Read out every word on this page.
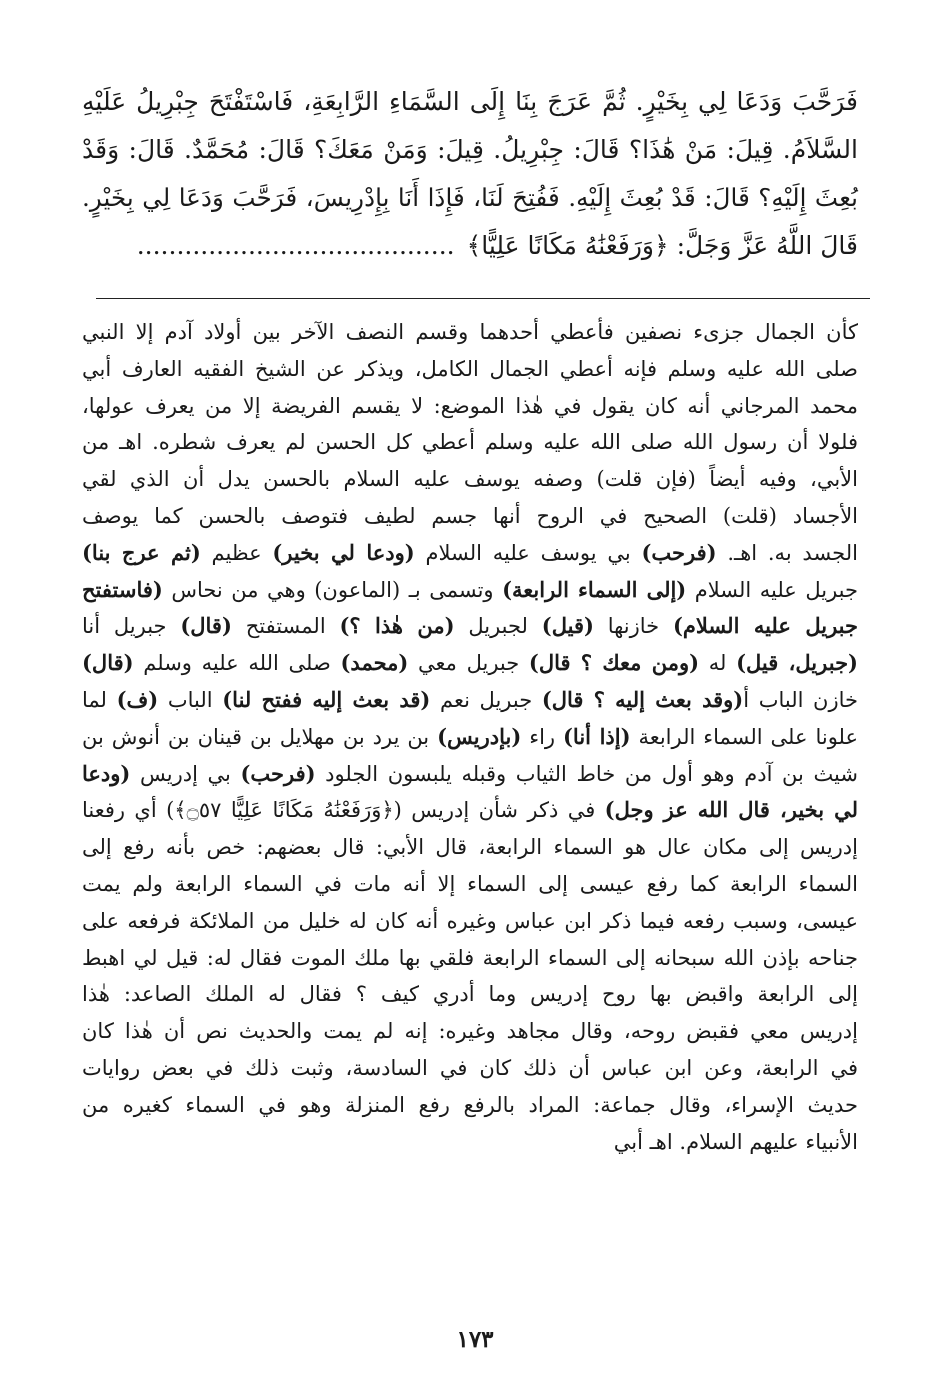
فَرَحَّبَ وَدَعَا لِي بِخَيْرٍ. ثُمَّ عَرَجَ بِنَا إِلَى السَّمَاءِ الرَّابِعَةِ، فَاسْتَفْتَحَ جِبْرِيلُ عَلَيْهِ
السَّلاَمُ. قِيلَ: مَنْ هَٰذَا؟ قَالَ: جِبْرِيلُ. قِيلَ: وَمَنْ مَعَكَ؟ قَالَ: مُحَمَّدٌ. قَالَ: وَقَدْ
بُعِثَ إِلَيْهِ؟ قَالَ: قَدْ بُعِثَ إِلَيْهِ. فَفُتِحَ لَنَا، فَإِذَا أَنَا بِإِدْرِيسَ، فَرَحَّبَ وَدَعَا لِي بِخَيْرٍ.
قَالَ اللَّهُ عَزَّ وَجَلَّ: ﴿وَرَفَعْنَٰهُ مَكَانًا عَلِيًّا﴾........................................
كأن الجمال جزىء نصفين فأعطي أحدهما وقسم النصف الآخر بين أولاد آدم إلا النبي
صلى الله عليه وسلم فإنه أعطي الجمال الكامل، ويذكر عن الشيخ الفقيه العارف أبي
محمد المرجاني أنه كان يقول في هٰذا الموضع: لا يقسم الفريضة إلا من يعرف عولها،
فلولا أن رسول الله صلى الله عليه وسلم أعطي كل الحسن لم يعرف شطره. اهـ من
الأبي، وفيه أيضاً (فإن قلت) وصفه يوسف عليه السلام بالحسن يدل أن الذي لقي
الأجساد (قلت) الصحيح في الروح أنها جسم لطيف فتوصف بالحسن كما يوصف
الجسد به. اهـ. (فرحب) بي يوسف عليه السلام (ودعا لي بخير) عظيم (ثم عرج بنا)
جبريل عليه السلام (إلى السماء الرابعة) وتسمى بـ (الماعون) وهي من نحاس (فاستفتح
جبريل عليه السلام) خازنها (قيل) لجبريل (من هٰذا ؟) المستفتح (قال) جبريل أنا
(جبريل، قيل) له (ومن معك ؟ قال) جبريل معي (محمد) صلى الله عليه وسلم (قال)
خازن الباب أ(وقد بعث إليه ؟ قال) جبريل نعم (قد بعث إليه ففتح لنا) الباب (ف) لما
علونا على السماء الرابعة (إذا أنا) راء (بإدريس) بن يرد بن مهلايل بن قينان بن أنوش بن
شيث بن آدم وهو أول من خاط الثياب وقبله يلبسون الجلود (فرحب) بي إدريس (ودعا
لي بخير، قال الله عز وجل) في ذكر شأن إدريس (﴿وَرَفَعْنَٰهُ مَكَانًا عَلِيًّا ۝٥٧﴾) أي رفعنا
إدريس إلى مكان عال هو السماء الرابعة، قال الأبي: قال بعضهم: خص بأنه رفع إلى
السماء الرابعة كما رفع عيسى إلى السماء إلا أنه مات في السماء الرابعة ولم يمت
عيسى، وسبب رفعه فيما ذكر ابن عباس وغيره أنه كان له خليل من الملائكة فرفعه على
جناحه بإذن الله سبحانه إلى السماء الرابعة فلقي بها ملك الموت فقال له: قيل لي اهبط
إلى الرابعة واقبض بها روح إدريس وما أدري كيف ؟ فقال له الملك الصاعد: هٰذا
إدريس معي فقبض روحه، وقال مجاهد وغيره: إنه لم يمت والحديث نص أن هٰذا كان
في الرابعة، وعن ابن عباس أن ذلك كان في السادسة، وثبت ذلك في بعض روايات
حديث الإسراء، وقال جماعة: المراد بالرفع رفع المنزلة وهو في السماء كغيره من
الأنبياء عليهم السلام. اهـ أبي
١٧٣
